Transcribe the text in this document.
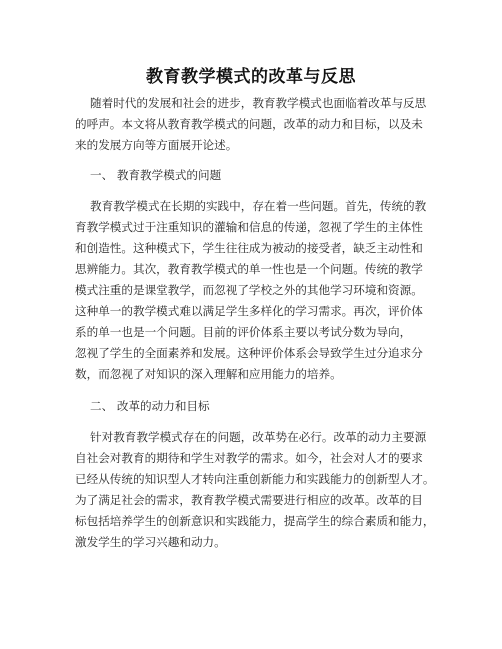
教育教学模式的改革与反思
随着时代的发展和社会的进步，教育教学模式也面临着改革与反思
的呼声。本文将从教育教学模式的问题，改革的动力和目标，以及未
来的发展方向等方面展开论述。
一、 教育教学模式的问题
教育教学模式在长期的实践中，存在着一些问题。首先，传统的教
育教学模式过于注重知识的灌输和信息的传递，忽视了学生的主体性
和创造性。这种模式下，学生往往成为被动的接受者，缺乏主动性和
思辨能力。其次，教育教学模式的单一性也是一个问题。传统的教学
模式注重的是课堂教学，而忽视了学校之外的其他学习环境和资源。
这种单一的教学模式难以满足学生多样化的学习需求。再次，评价体
系的单一也是一个问题。目前的评价体系主要以考试分数为导向，
忽视了学生的全面素养和发展。这种评价体系会导致学生过分追求分
数，而忽视了对知识的深入理解和应用能力的培养。
二、 改革的动力和目标
针对教育教学模式存在的问题，改革势在必行。改革的动力主要源
自社会对教育的期待和学生对教学的需求。如今，社会对人才的要求
已经从传统的知识型人才转向注重创新能力和实践能力的创新型人才。
为了满足社会的需求，教育教学模式需要进行相应的改革。改革的目
标包括培养学生的创新意识和实践能力，提高学生的综合素质和能力，
激发学生的学习兴趣和动力。
